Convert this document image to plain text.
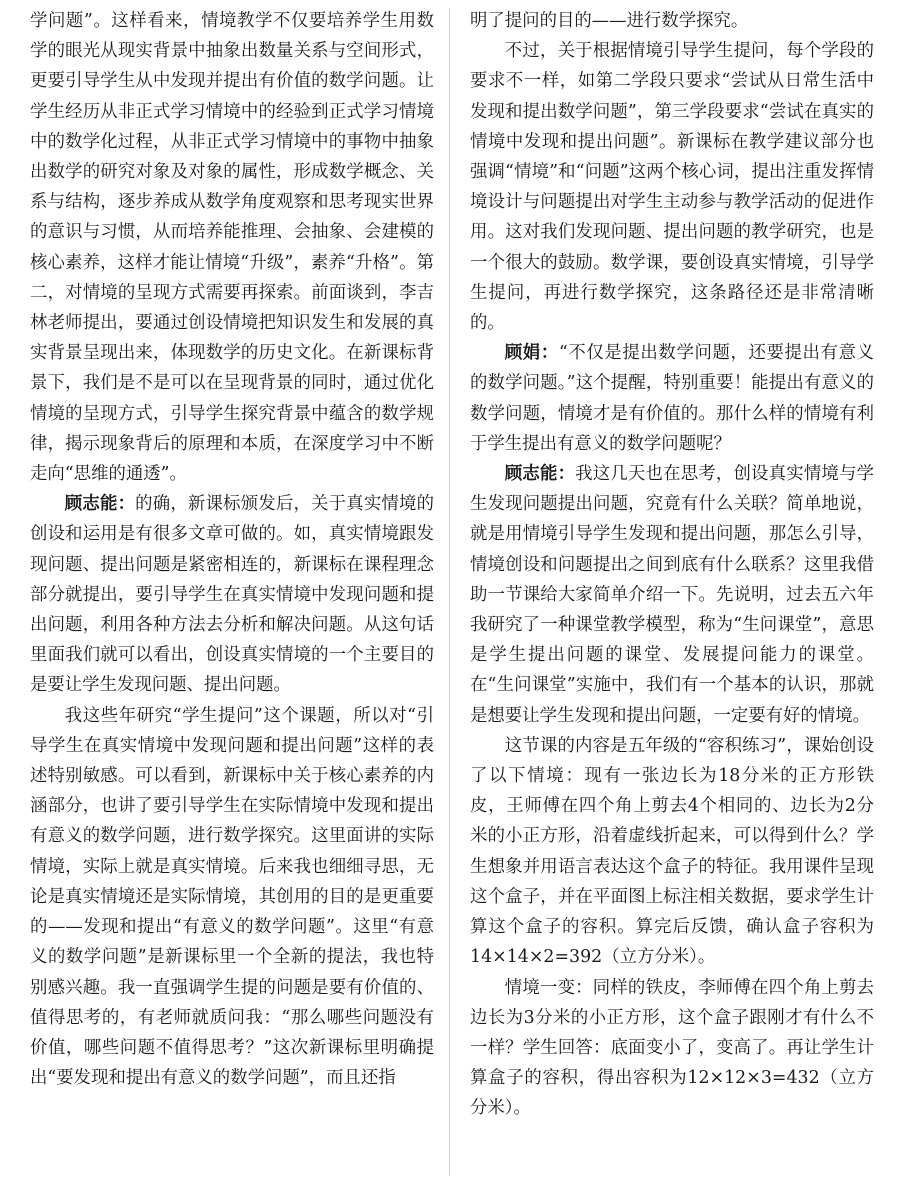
学问题”。这样看来，情境教学不仅要培养学生用数学的眼光从现实背景中抽象出数量关系与空间形式，更要引导学生从中发现并提出有价值的数学问题。让学生经历从非正式学习情境中的经验到正式学习情境中的数学化过程，从非正式学习情境中的事物中抽象出数学的研究对象及对象的属性，形成数学概念、关系与结构，逐步养成从数学角度观察和思考现实世界的意识与习惯，从而培养能推理、会抽象、会建模的核心素养，这样才能让情境“升级”，素养“升格”。第二，对情境的呈现方式需要再探索。前面谈到，李吉林老师提出，要通过创设情境把知识发生和发展的真实背景呈现出来，体现数学的历史文化。在新课标背景下，我们是不是可以在呈现背景的同时，通过优化情境的呈现方式，引导学生探究背景中蕴含的数学规律，揭示现象背后的原理和本质，在深度学习中不断走向“思维的通透”。

顾志能：的确，新课标颁发后，关于真实情境的创设和运用是有很多文章可做的。如，真实情境跟发现问题、提出问题是紧密相连的，新课标在课程理念部分就提出，要引导学生在真实情境中发现问题和提出问题，利用各种方法去分析和解决问题。从这句话里面我们就可以看出，创设真实情境的一个主要目的是要让学生发现问题、提出问题。

我这些年研究“学生提问”这个课题，所以对“引导学生在真实情境中发现问题和提出问题”这样的表述特别敏感。可以看到，新课标中关于核心素养的内涵部分，也讲了要引导学生在实际情境中发现和提出有意义的数学问题，进行数学探究。这里面讲的实际情境，实际上就是真实情境。后来我也细细寻思，无论是真实情境还是实际情境，其创用的目的是更重要的——发现和提出“有意义的数学问题”。这里“有意义的数学问题”是新课标里一个全新的提法，我也特别感兴趣。我一直强调学生提的问题是要有价值的、值得思考的，有老师就质问我：“那么哪些问题没有价值，哪些问题不值得思考？”这次新课标里明确提出“要发现和提出有意义的数学问题”，而且还指

明了提问的目的——进行数学探究。

不过，关于根据情境引导学生提问，每个学段的要求不一样，如第二学段只要求“尝试从日常生活中发现和提出数学问题”，第三学段要求“尝试在真实的情境中发现和提出问题”。新课标在教学建议部分也强调“情境”和“问题”这两个核心词，提出注重发挥情境设计与问题提出对学生主动参与教学活动的促进作用。这对我们发现问题、提出问题的教学研究，也是一个很大的鼓励。数学课，要创设真实情境，引导学生提问，再进行数学探究，这条路径还是非常清晰的。

顾娟：“不仅是提出数学问题，还要提出有意义的数学问题。”这个提醒，特别重要！能提出有意义的数学问题，情境才是有价值的。那什么样的情境有利于学生提出有意义的数学问题呢？

顾志能：我这几天也在思考，创设真实情境与学生发现问题提出问题，究竟有什么关联？简单地说，就是用情境引导学生发现和提出问题，那怎么引导，情境创设和问题提出之间到底有什么联系？这里我借助一节课给大家简单介绍一下。先说明，过去五六年我研究了一种课堂教学模型，称为“生问课堂”，意思是学生提出问题的课堂、发展提问能力的课堂。在“生问课堂”实施中，我们有一个基本的认识，那就是想要让学生发现和提出问题，一定要有好的情境。

这节课的内容是五年级的“容积练习”，课始创设了以下情境：现有一张边长为18分米的正方形铁皮，王师傅在四个角上剪去4个相同的、边长为2分米的小正方形，沿着虚线折起来，可以得到什么？学生想象并用语言表达这个盒子的特征。我用课件呈现这个盒子，并在平面图上标注相关数据，要求学生计算这个盒子的容积。算完后反馈，确认盒子容积为14×14×2=392（立方分米）。

情境一变：同样的铁皮，李师傅在四个角上剪去边长为3分米的小正方形，这个盒子跟刚才有什么不一样？学生回答：底面变小了，变高了。再让学生计算盒子的容积，得出容积为12×12×3=432（立方分米）。
